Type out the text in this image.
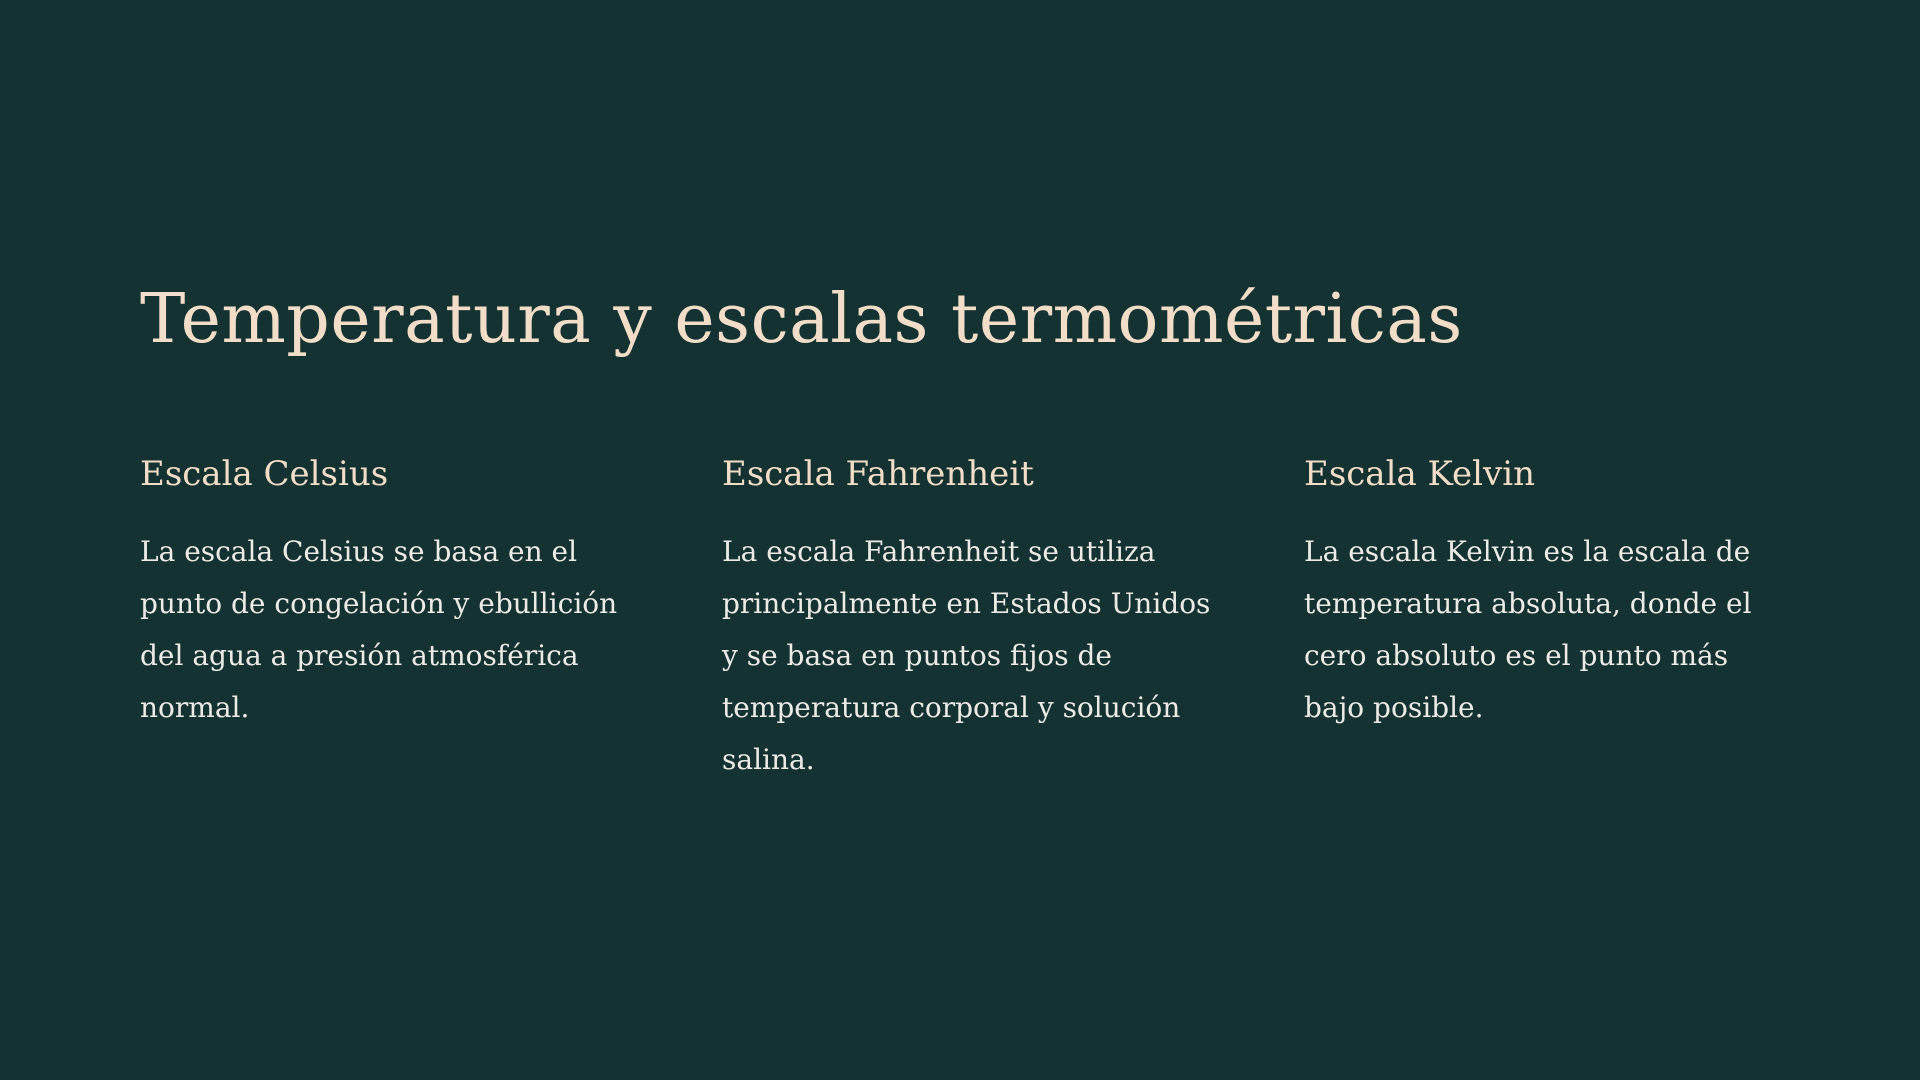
Temperatura y escalas termométricas
Escala Celsius

La escala Celsius se basa en el punto de congelación y ebullición del agua a presión atmosférica normal.

Escala Fahrenheit

La escala Fahrenheit se utiliza principalmente en Estados Unidos y se basa en puntos fijos de temperatura corporal y solución salina.

Escala Kelvin

La escala Kelvin es la escala de temperatura absoluta, donde el cero absoluto es el punto más bajo posible.
